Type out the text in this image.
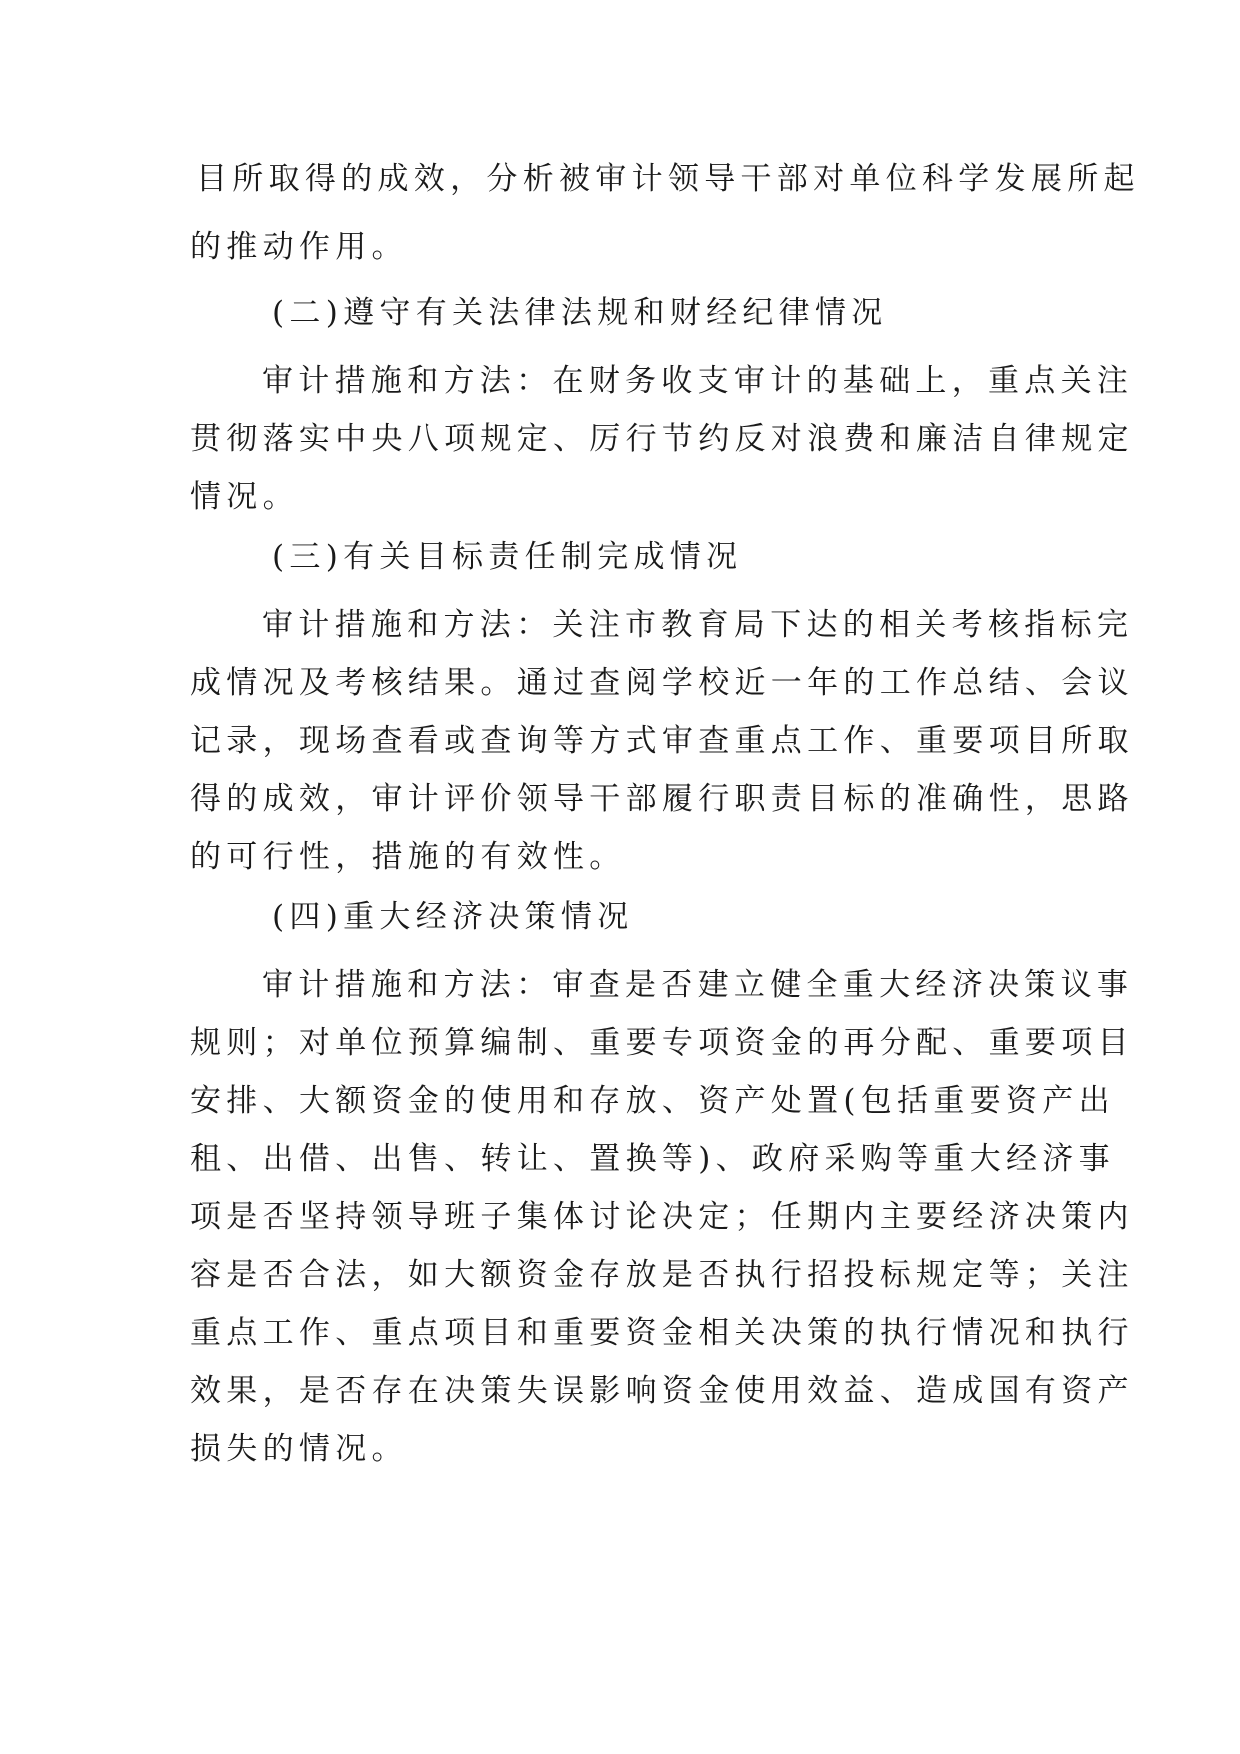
目所取得的成效，分析被审计领导干部对单位科学发展所起
的推动作用。
(二)遵守有关法律法规和财经纪律情况
审计措施和方法：在财务收支审计的基础上，重点关注
贯彻落实中央八项规定、厉行节约反对浪费和廉洁自律规定
情况。
(三)有关目标责任制完成情况
审计措施和方法：关注市教育局下达的相关考核指标完
成情况及考核结果。通过查阅学校近一年的工作总结、会议
记录，现场查看或查询等方式审查重点工作、重要项目所取
得的成效，审计评价领导干部履行职责目标的准确性，思路
的可行性，措施的有效性。
(四)重大经济决策情况
审计措施和方法：审查是否建立健全重大经济决策议事
规则；对单位预算编制、重要专项资金的再分配、重要项目
安排、大额资金的使用和存放、资产处置(包括重要资产出
租、出借、出售、转让、置换等)、政府采购等重大经济事
项是否坚持领导班子集体讨论决定；任期内主要经济决策内
容是否合法，如大额资金存放是否执行招投标规定等；关注
重点工作、重点项目和重要资金相关决策的执行情况和执行
效果，是否存在决策失误影响资金使用效益、造成国有资产
损失的情况。
